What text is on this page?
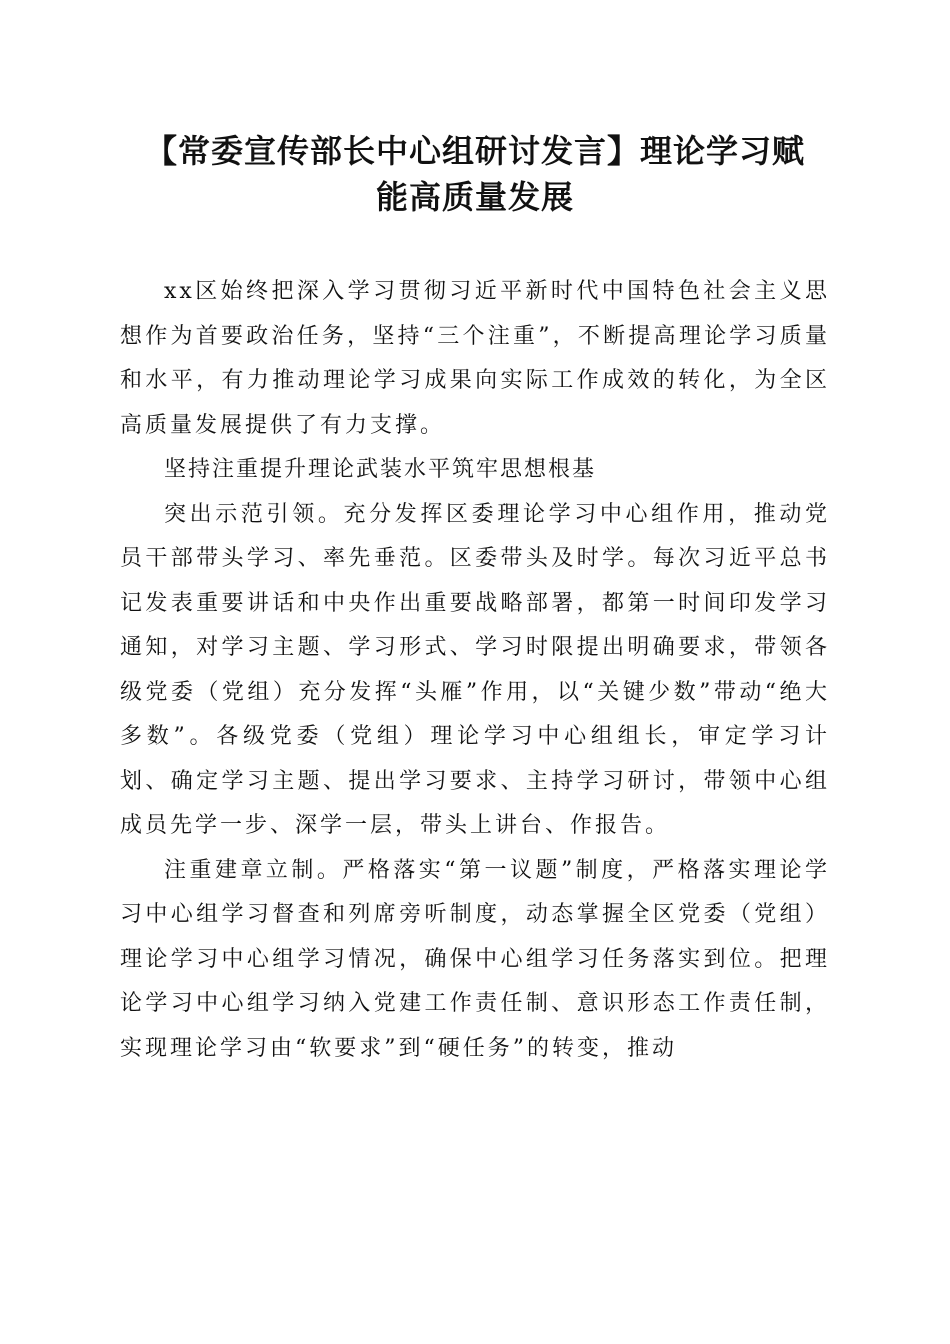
【常委宣传部长中心组研讨发言】理论学习赋
能高质量发展

xx区始终把深入学习贯彻习近平新时代中国特色社会主义思想作为首要政治任务，坚持“三个注重”，不断提高理论学习质量和水平，有力推动理论学习成果向实际工作成效的转化，为全区高质量发展提供了有力支撑。

坚持注重提升理论武装水平筑牢思想根基

突出示范引领。充分发挥区委理论学习中心组作用，推动党员干部带头学习、率先垂范。区委带头及时学。每次习近平总书记发表重要讲话和中央作出重要战略部署，都第一时间印发学习通知，对学习主题、学习形式、学习时限提出明确要求，带领各级党委（党组）充分发挥“头雁”作用，以“关键少数”带动“绝大多数”。各级党委（党组）理论学习中心组组长，审定学习计划、确定学习主题、提出学习要求、主持学习研讨，带领中心组成员先学一步、深学一层，带头上讲台、作报告。

注重建章立制。严格落实“第一议题”制度，严格落实理论学习中心组学习督查和列席旁听制度，动态掌握全区党委（党组）理论学习中心组学习情况，确保中心组学习任务落实到位。把理论学习中心组学习纳入党建工作责任制、意识形态工作责任制，实现理论学习由“软要求”到“硬任务”的转变，推动
